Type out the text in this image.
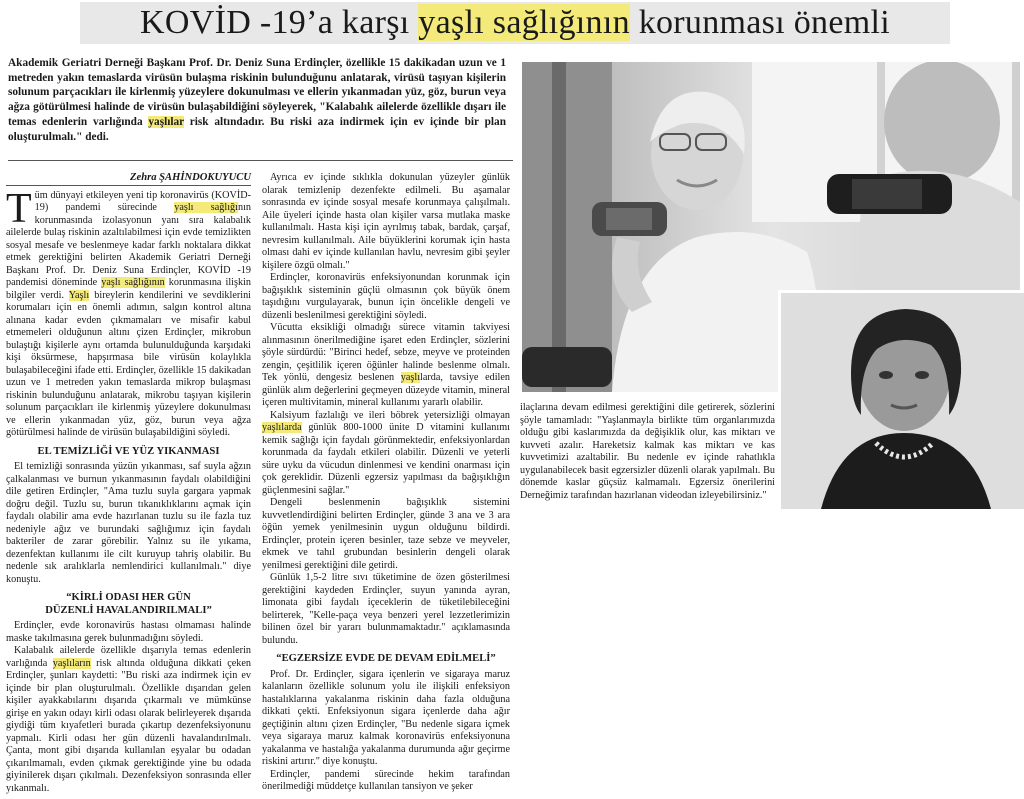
KOVİD -19’a karşı yaşlı sağlığının korunması önemli

Akademik Geriatri Derneği Başkanı Prof. Dr. Deniz Suna Erdinçler, özellikle 15 dakikadan uzun ve 1 metreden yakın temaslarda virüsün bulaşma riskinin bulunduğunu anlatarak, virüsü taşıyan kişilerin solunum parçacıkları ile kirlenmiş yüzeylere dokunulması ve ellerin yıkanmadan yüz, göz, burun veya ağza götürülmesi halinde de virüsün bulaşabildiğini söyleyerek, "Kalabalık ailelerde özellikle dışarı ile temas edenlerin varlığında yaşlılar risk altındadır. Bu riski aza indirmek için ev içinde bir plan oluşturulmalı." dedi.

Zehra ŞAHİNDOKUYUCU

Tüm dünyayi etkileyen yeni tip koronavirüs (KOVİD-19) pandemi sürecinde yaşlı sağlığının korunmasında izolasyonun yanı sıra kalabalık ailelerde bulaş riskinin azaltılabilmesi için evde temizlikten sosyal mesafe ve beslenmeye kadar farklı noktalara dikkat etmek gerektiğini belirten Akademik Geriatri Derneği Başkanı Prof. Dr. Deniz Suna Erdinçler, KOVİD -19 pandemisi döneminde yaşlı sağlığının korunmasına ilişkin bilgiler verdi. Yaşlı bireylerin kendilerini ve sevdiklerini korumaları için en önemli adımın, salgın kontrol altına alınana kadar evden çıkmamaları ve misafir kabul etmemeleri olduğunun altını çizen Erdinçler, mikrobun bulaştığı kişilerle aynı ortamda bulunulduğunda karşıdaki kişi öksürmese, hapşırmasa bile virüsün kolaylıkla bulaşabileceğini ifade etti. Erdinçler, özellikle 15 dakikadan uzun ve 1 metreden yakın temaslarda mikrop bulaşması riskinin bulunduğunu anlatarak, mikrobu taşıyan kişilerin solunum parçacıkları ile kirlenmiş yüzeylere dokunulması ve ellerin yıkanmadan yüz, göz, burun veya ağza götürülmesi halinde de virüsün bulaşabildiğini söyledi.

EL TEMİZLİĞİ VE YÜZ YIKANMASI

El temizliği sonrasında yüzün yıkanması, saf suyla ağzın çalkalanması ve burnun yıkanmasının faydalı olabildiğini dile getiren Erdinçler, "Ama tuzlu suyla gargara yapmak doğru değil. Tuzlu su, burun tıkanıklıklarını açmak için faydalı olabilir ama evde hazırlanan tuzlu su ile fazla tuz nedeniyle ağız ve burundaki sağlığımız için faydalı bakteriler de zarar görebilir. Yalnız su ile yıkama, dezenfektan kullanımı ile cilt kuruyup tahriş olabilir. Bu nedenle sık aralıklarla nemlendirici kullanılmalı." diye konuştu.

“KİRLİ ODASI HER GÜN
DÜZENLİ HAVALANDIRILMALI”

Erdinçler, evde koronavirüs hastası olmaması halinde maske takılmasına gerek bulunmadığını söyledi.

Kalabalık ailelerde özellikle dışarıyla temas edenlerin varlığında yaşlıların risk altında olduğuna dikkati çeken Erdinçler, şunları kaydetti: "Bu riski aza indirmek için ev içinde bir plan oluşturulmalı. Özellikle dışarıdan gelen kişiler ayakkabılarını dışarıda çıkarmalı ve mümkünse girişe en yakın odayı kirli odası olarak belirleyerek dışarıda giydiği tüm kıyafetleri burada çıkartıp dezenfeksiyonunu yapmalı. Kirli odası her gün düzenli havalandırılmalı. Çanta, mont gibi dışarıda kullanılan eşyalar bu odadan çıkarılmamalı, evden çıkmak gerektiğinde yine bu odada giyinilerek dışarı çıkılmalı. Dezenfeksiyon sonrasında eller yıkanmalı.

Ayrıca ev içinde sıklıkla dokunulan yüzeyler günlük olarak temizlenip dezenfekte edilmeli. Bu aşamalar sonrasında ev içinde sosyal mesafe korunmaya çalışılmalı. Aile üyeleri içinde hasta olan kişiler varsa mutlaka maske kullanılmalı. Hasta kişi için ayrılmış tabak, bardak, çarşaf, nevresim kullanılmalı. Aile büyüklerini korumak için hasta olması dahi ev içinde kullanılan havlu, nevresim gibi şeyler kişilere özgü olmalı."

Erdinçler, koronavirüs enfeksiyonundan korunmak için bağışıklık sisteminin güçlü olmasının çok büyük önem taşıdığını vurgulayarak, bunun için öncelikle dengeli ve düzenli beslenilmesi gerektiğini söyledi.

Vücutta eksikliği olmadığı sürece vitamin takviyesi alınmasının önerilmediğine işaret eden Erdinçler, sözlerini şöyle sürdürdü: "Birinci hedef, sebze, meyve ve proteinden zengin, çeşitlilik içeren öğünler halinde beslenme olmalı. Tek yönlü, dengesiz beslenen yaşlılarda, tavsiye edilen günlük alım değerlerini geçmeyen düzeyde vitamin, mineral içeren multivitamin, mineral kullanımı yararlı olabilir.

Kalsiyum fazlalığı ve ileri böbrek yetersizliği olmayan yaşlılarda günlük 800-1000 ünite D vitamini kullanımı kemik sağlığı için faydalı görünmektedir, enfeksiyonlardan korunmada da faydalı etkileri olabilir. Düzenli ve yeterli süre uyku da vücudun dinlenmesi ve kendini onarması için çok gereklidir. Düzenli egzersiz yapılması da bağışıklığın güçlenmesini sağlar."

Dengeli beslenmenin bağışıklık sistemini kuvvetlendirdiğini belirten Erdinçler, günde 3 ana ve 3 ara öğün yemek yenilmesinin uygun olduğunu bildirdi. Erdinçler, protein içeren besinler, taze sebze ve meyveler, ekmek ve tahıl grubundan besinlerin dengeli olarak yenilmesi gerektiğini dile getirdi.

Günlük 1,5-2 litre sıvı tüketimine de özen gösterilmesi gerektiğini kaydeden Erdinçler, suyun yanında ayran, limonata gibi faydalı içeceklerin de tüketilebileceğini belirterek, "Kelle-paça veya benzeri yerel lezzetlerimizin bilinen özel bir yararı bulunmamaktadır." açıklamasında bulundu.

“EGZERSİZE EVDE DE DEVAM EDİLMELİ”

Prof. Dr. Erdinçler, sigara içenlerin ve sigaraya maruz kalanların özellikle solunum yolu ile ilişkili enfeksiyon hastalıklarına yakalanma riskinin daha fazla olduğuna dikkati çekti. Enfeksiyonun sigara içenlerde daha ağır geçtiğinin altını çizen Erdinçler, "Bu nedenle sigara içmek veya sigaraya maruz kalmak koronavirüs enfeksiyonuna yakalanma ve hastalığa yakalanma durumunda ağır geçirme riskini artırır." diye konuştu.

Erdinçler, pandemi sürecinde hekim tarafından önerilmediği müddetçe kullanılan tansiyon ve şeker

ilaçlarına devam edilmesi gerektiğini dile getirerek, sözlerini şöyle tamamladı: "Yaşlanmayla birlikte tüm organlarımızda olduğu gibi kaslarımızda da değişiklik olur, kas miktarı ve kuvveti azalır. Hareketsiz kalmak kas miktarı ve kas kuvvetimizi azaltabilir. Bu nedenle ev içinde rahatlıkla uygulanabilecek basit egzersizler düzenli olarak yapılmalı. Bu dönemde kaslar güçsüz kalmamalı. Egzersiz önerilerini Derneğimiz tarafından hazırlanan videodan izleyebilirsiniz."
